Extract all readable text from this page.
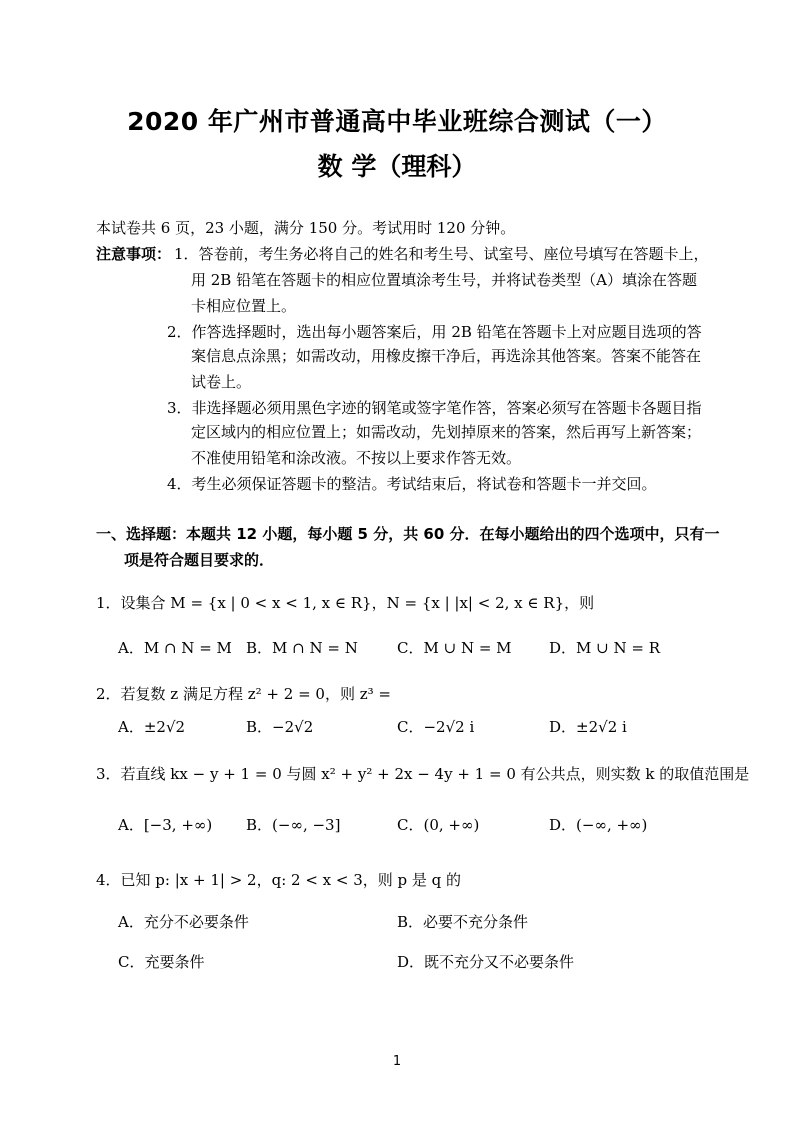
2020 年广州市普通高中毕业班综合测试（一）
数 学（理科）
本试卷共 6 页，23 小题，满分 150 分。考试用时 120 分钟。
注意事项： 1．答卷前，考生务必将自己的姓名和考生号、试室号、座位号填写在答题卡上，
用 2B 铅笔在答题卡的相应位置填涂考生号，并将试卷类型（A）填涂在答题
卡相应位置上。
2．作答选择题时，选出每小题答案后，用 2B 铅笔在答题卡上对应题目选项的答
案信息点涂黑；如需改动，用橡皮擦干净后，再选涂其他答案。答案不能答在
试卷上。
3．非选择题必须用黑色字迹的钢笔或签字笔作答，答案必须写在答题卡各题目指
定区域内的相应位置上；如需改动，先划掉原来的答案，然后再写上新答案；
不准使用铅笔和涂改液。不按以上要求作答无效。
4．考生必须保证答题卡的整洁。考试结束后，将试卷和答题卡一并交回。
一、选择题：本题共 12 小题，每小题 5 分，共 60 分．在每小题给出的四个选项中，只有一
项是符合题目要求的．
1．设集合 M = {x | 0 < x < 1, x ∈ R}，N = {x | |x| < 2, x ∈ R}，则
A．M ∩ N = M B．M ∩ N = N	C．M ∪ N = M D．M ∪ N = R
2．若复数 z 满足方程 z² + 2 = 0，则 z³ =
A．±2√2	B．−2√2	C．−2√2 i	D．±2√2 i
3．若直线 kx − y + 1 = 0 与圆 x² + y² + 2x − 4y + 1 = 0 有公共点，则实数 k 的取值范围是
A．[−3, +∞) B．(−∞, −3]	C．(0, +∞)	D．(−∞, +∞)
4．已知 p: |x + 1| > 2，q: 2 < x < 3，则 p 是 q 的
A．充分不必要条件	B．必要不充分条件
C．充要条件	D．既不充分又不必要条件
1
